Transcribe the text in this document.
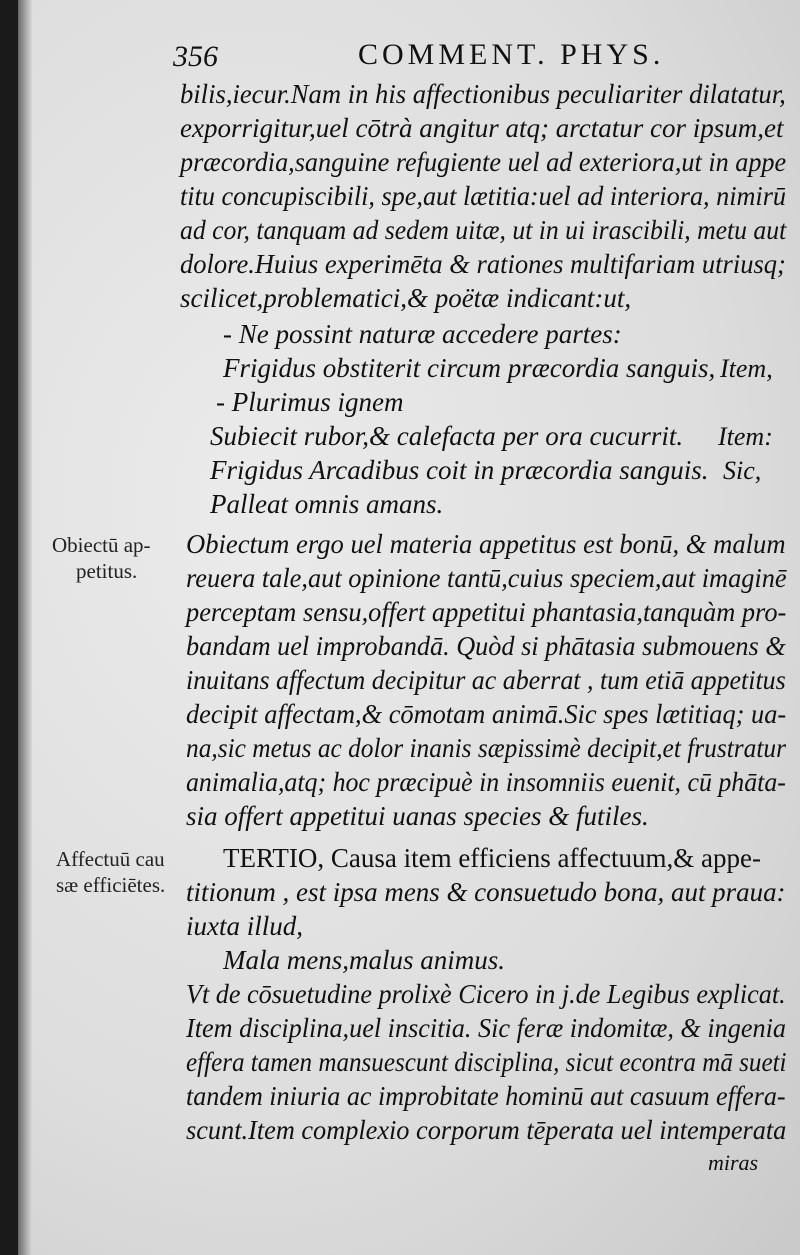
356	COMMENT. PHYS.
bilis,iecur.Nam in his affectionibus peculiariter dilatatur,
exporrigitur,uel cōtrà angitur atq; arctatur cor ipsum,et
præcordia,sanguine refugiente uel ad exteriora,ut in appe
titu concupiscibili, spe,aut lætitia:uel ad interiora, nimirū
ad cor, tanquam ad sedem uitæ, ut in ui irascibili, metu aut
dolore.Huius experimēta & rationes multifariam utriusq;
scilicet,problematici,& poëtæ indicant:ut,
- Ne possint naturæ accedere partes:
Frigidus obstiterit circum præcordia sanguis, Item,
- Plurimus ignem
Subiecit rubor,& calefacta per ora cucurrit. Item:
Frigidus Arcadibus coit in præcordia sanguis. Sic,
Palleat omnis amans.
Obiectū ap-
petitus.
Obiectum ergo uel materia appetitus est bonū, & malum
reuera tale,aut opinione tantū,cuius speciem,aut imaginē
perceptam sensu,offert appetitui phantasia,tanquàm pro-
bandam uel improbandā. Quòd si phātasia submouens &
inuitans affectum decipitur ac aberrat , tum etiā appetitus
decipit affectam,& cōmotam animā.Sic spes lætitiaq; ua-
na,sic metus ac dolor inanis sæpissimè decipit,et frustratur
animalia,atq; hoc præcipuè in insomniis euenit, cū phāta-
sia offert appetitui uanas species & futiles.
Affectuū cau
sæ efficiētes.
TERTIO, Causa item efficiens affectuum,& appe-
titionum , est ipsa mens & consuetudo bona, aut praua:
iuxta illud,
Mala mens,malus animus.
Vt de cōsuetudine prolixè Cicero in j.de Legibus explicat.
Item disciplina,uel inscitia. Sic feræ indomitæ, & ingenia
effera tamen mansuescunt disciplina, sicut econtra mā sueti
tandem iniuria ac improbitate hominū aut casuum effera-
scunt.Item complexio corporum tēperata uel intemperata
miras
